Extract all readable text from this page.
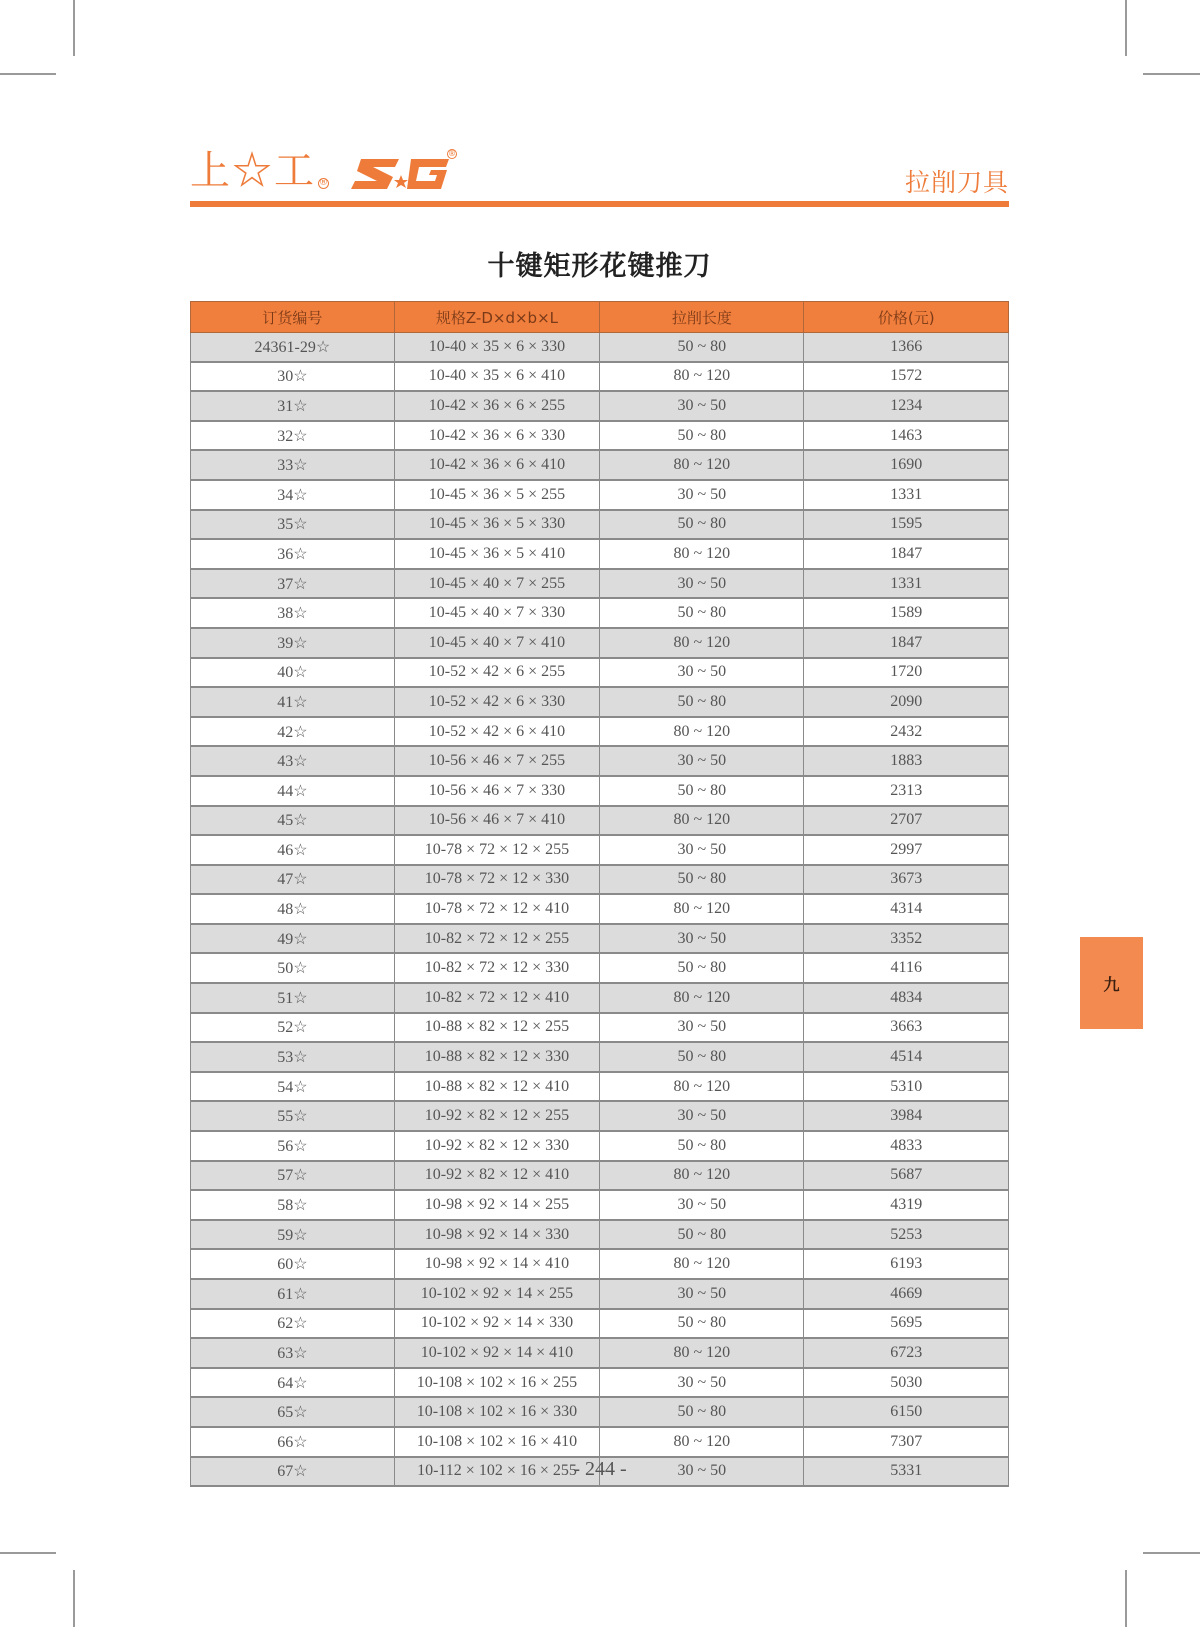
上☆工 ®
®
拉削刀具
十键矩形花键推刀
订货编号	规格Z-D×d×b×L	拉削长度	价格(元)
24361-29☆	10-40 × 35 × 6 × 330	50 ~ 80	1366
30☆	10-40 × 35 × 6 × 410	80 ~ 120	1572
31☆	10-42 × 36 × 6 × 255	30 ~ 50	1234
32☆	10-42 × 36 × 6 × 330	50 ~ 80	1463
33☆	10-42 × 36 × 6 × 410	80 ~ 120	1690
34☆	10-45 × 36 × 5 × 255	30 ~ 50	1331
35☆	10-45 × 36 × 5 × 330	50 ~ 80	1595
36☆	10-45 × 36 × 5 × 410	80 ~ 120	1847
37☆	10-45 × 40 × 7 × 255	30 ~ 50	1331
38☆	10-45 × 40 × 7 × 330	50 ~ 80	1589
39☆	10-45 × 40 × 7 × 410	80 ~ 120	1847
40☆	10-52 × 42 × 6 × 255	30 ~ 50	1720
41☆	10-52 × 42 × 6 × 330	50 ~ 80	2090
42☆	10-52 × 42 × 6 × 410	80 ~ 120	2432
43☆	10-56 × 46 × 7 × 255	30 ~ 50	1883
44☆	10-56 × 46 × 7 × 330	50 ~ 80	2313
45☆	10-56 × 46 × 7 × 410	80 ~ 120	2707
46☆	10-78 × 72 × 12 × 255	30 ~ 50	2997
47☆	10-78 × 72 × 12 × 330	50 ~ 80	3673
48☆	10-78 × 72 × 12 × 410	80 ~ 120	4314
49☆	10-82 × 72 × 12 × 255	30 ~ 50	3352
50☆	10-82 × 72 × 12 × 330	50 ~ 80	4116
51☆	10-82 × 72 × 12 × 410	80 ~ 120	4834
52☆	10-88 × 82 × 12 × 255	30 ~ 50	3663
53☆	10-88 × 82 × 12 × 330	50 ~ 80	4514
54☆	10-88 × 82 × 12 × 410	80 ~ 120	5310
55☆	10-92 × 82 × 12 × 255	30 ~ 50	3984
56☆	10-92 × 82 × 12 × 330	50 ~ 80	4833
57☆	10-92 × 82 × 12 × 410	80 ~ 120	5687
58☆	10-98 × 92 × 14 × 255	30 ~ 50	4319
59☆	10-98 × 92 × 14 × 330	50 ~ 80	5253
60☆	10-98 × 92 × 14 × 410	80 ~ 120	6193
61☆	10-102 × 92 × 14 × 255	30 ~ 50	4669
62☆	10-102 × 92 × 14 × 330	50 ~ 80	5695
63☆	10-102 × 92 × 14 × 410	80 ~ 120	6723
64☆	10-108 × 102 × 16 × 255	30 ~ 50	5030
65☆	10-108 × 102 × 16 × 330	50 ~ 80	6150
66☆	10-108 × 102 × 16 × 410	80 ~ 120	7307
67☆	10-112 × 102 × 16 × 255	30 ~ 50	5331
- 244 -
九
